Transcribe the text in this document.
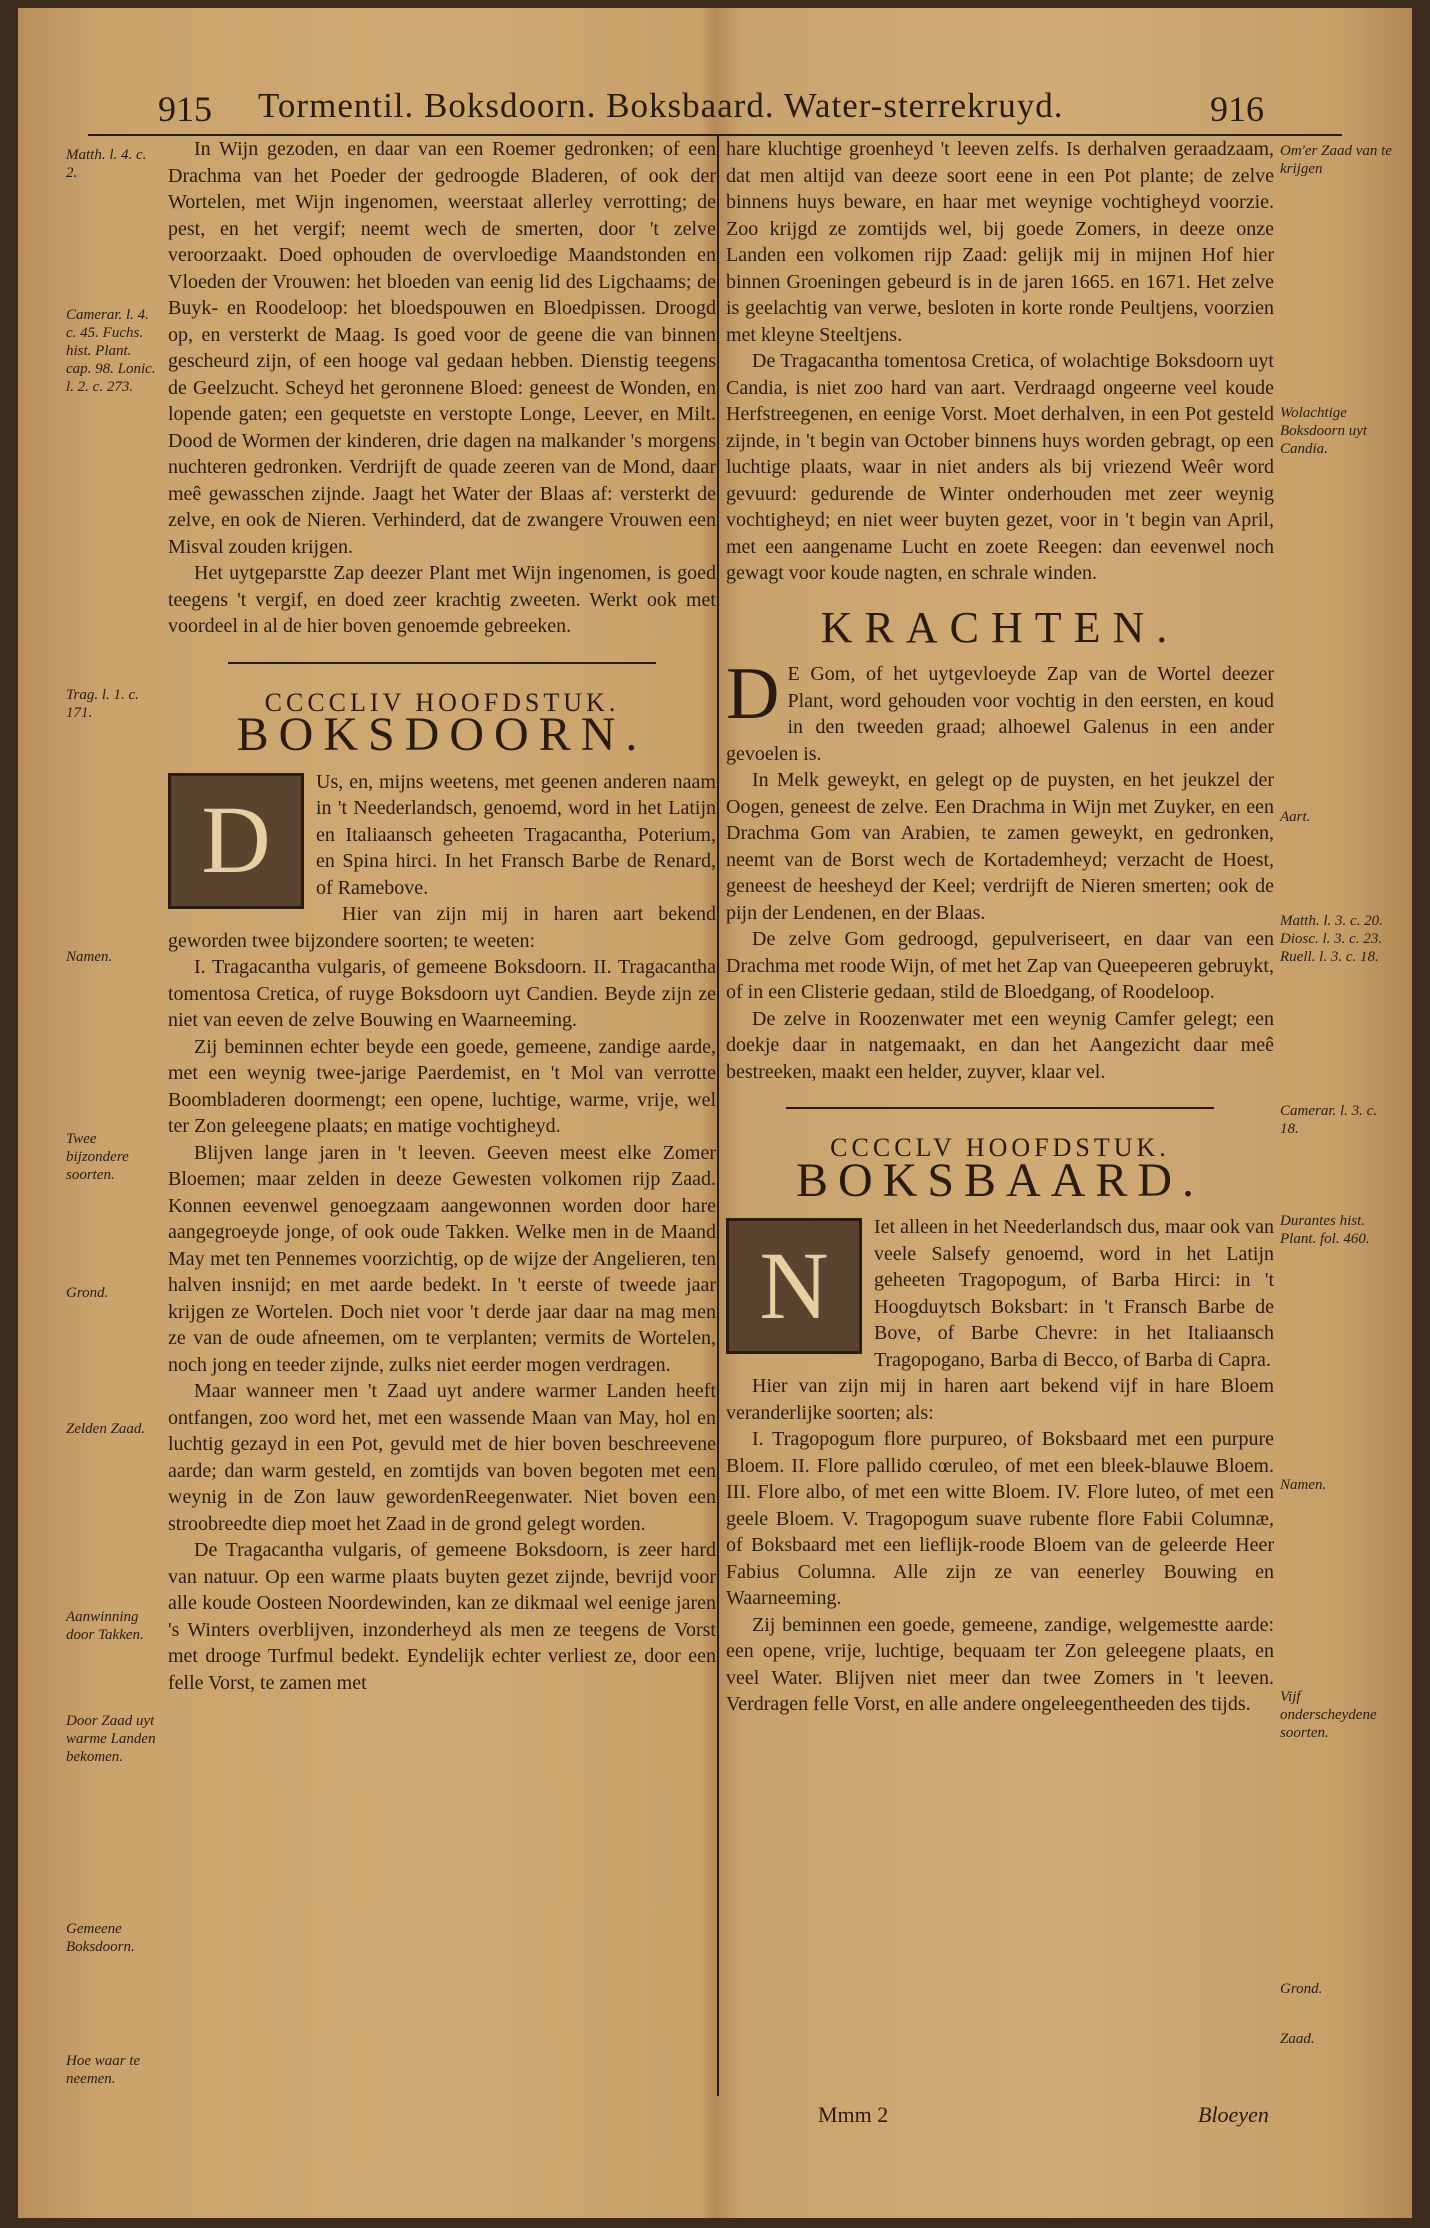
915 Tormentil. Boksdoorn. Boksbaard. Water-sterrekruyd.	916
Matth. l. 4. c. 2.
Camerar. l. 4. c. 45. Fuchs. hist. Plant. cap. 98. Lonic. l. 2. c. 273.
Trag. l. 1. c. 171.
Namen.
Twee bijzondere soorten.
Grond.
Zelden Zaad.
Aanwinning door Takken.
Door Zaad uyt warme Landen bekomen.
Gemeene Boksdoorn.
Hoe waar te neemen.
Om'er Zaad van te krijgen
Wolachtige Boksdoorn uyt Candia.
Aart.
Matth. l. 3. c. 20. Diosc. l. 3. c. 23. Ruell. l. 3. c. 18.
Camerar. l. 3. c. 18.
Durantes hist. Plant. fol. 460.
Namen.
Vijf onderscheydene soorten.
Grond.
Zaad.

In Wijn gezoden, en daar van een Roemer gedronken; of een Drachma van het Poeder der gedroogde Bladeren, of ook der Wortelen, met Wijn ingenomen, weerstaat allerley verrotting; de pest, en het vergif; neemt wech de smerten, door 't zelve veroorzaakt. Doed ophouden de overvloedige Maandstonden en Vloeden der Vrouwen: het bloeden van eenig lid des Ligchaams; de Buyk- en Roodeloop: het bloedspouwen en Bloedpissen. Droogd op, en versterkt de Maag. Is goed voor de geene die van binnen gescheurd zijn, of een hooge val gedaan hebben. Dienstig teegens de Geelzucht. Scheyd het geronnene Bloed: geneest de Wonden, en lopende gaten; een gequetste en verstopte Longe, Leever, en Milt. Dood de Wormen der kinderen, drie dagen na malkander 's morgens nuchteren gedronken. Verdrijft de quade zeeren van de Mond, daar meê gewasschen zijnde. Jaagt het Water der Blaas af: versterkt de zelve, en ook de Nieren. Verhinderd, dat de zwangere Vrouwen een Misval zouden krijgen.

Het uytgeparstte Zap deezer Plant met Wijn ingenomen, is goed teegens 't vergif, en doed zeer krachtig zweeten. Werkt ook met voordeel in al de hier boven genoemde gebreeken.

CCCCLIV HOOFDSTUK.
BOKSDOORN.
D

Us, en, mijns weetens, met geenen anderen naam in 't Neederlandsch, genoemd, word in het Latijn en Italiaansch geheeten Tragacantha, Poterium, en Spina hirci. In het Fransch Barbe de Renard, of Ramebove.

Hier van zijn mij in haren aart bekend geworden twee bijzondere soorten; te weeten:

I. Tragacantha vulgaris, of gemeene Boksdoorn. II. Tragacantha tomentosa Cretica, of ruyge Boksdoorn uyt Candien. Beyde zijn ze niet van eeven de zelve Bouwing en Waarneeming.

Zij beminnen echter beyde een goede, gemeene, zandige aarde, met een weynig twee-jarige Paerdemist, en 't Mol van verrotte Boombladeren doormengt; een opene, luchtige, warme, vrije, wel ter Zon geleegene plaats; en matige vochtigheyd.

Blijven lange jaren in 't leeven. Geeven meest elke Zomer Bloemen; maar zelden in deeze Gewesten volkomen rijp Zaad. Konnen eevenwel genoegzaam aangewonnen worden door hare aangegroeyde jonge, of ook oude Takken. Welke men in de Maand May met ten Pennemes voorzichtig, op de wijze der Angelieren, ten halven insnijd; en met aarde bedekt. In 't eerste of tweede jaar krijgen ze Wortelen. Doch niet voor 't derde jaar daar na mag men ze van de oude afneemen, om te verplanten; vermits de Wortelen, noch jong en teeder zijnde, zulks niet eerder mogen verdragen.

Maar wanneer men 't Zaad uyt andere warmer Landen heeft ontfangen, zoo word het, met een wassende Maan van May, hol en luchtig gezayd in een Pot, gevuld met de hier boven beschreevene aarde; dan warm gesteld, en zomtijds van boven begoten met een weynig in de Zon lauw gewordenReegenwater. Niet boven een stroobreedte diep moet het Zaad in de grond gelegt worden.

De Tragacantha vulgaris, of gemeene Boksdoorn, is zeer hard van natuur. Op een warme plaats buyten gezet zijnde, bevrijd voor alle koude Oosteen Noordewinden, kan ze dikmaal wel eenige jaren 's Winters overblijven, inzonderheyd als men ze teegens de Vorst met drooge Turfmul bedekt. Eyndelijk echter verliest ze, door een felle Vorst, te zamen met

hare kluchtige groenheyd 't leeven zelfs. Is derhalven geraadzaam, dat men altijd van deeze soort eene in een Pot plante; de zelve binnens huys beware, en haar met weynige vochtigheyd voorzie. Zoo krijgd ze zomtijds wel, bij goede Zomers, in deeze onze Landen een volkomen rijp Zaad: gelijk mij in mijnen Hof hier binnen Groeningen gebeurd is in de jaren 1665. en 1671. Het zelve is geelachtig van verwe, besloten in korte ronde Peultjens, voorzien met kleyne Steeltjens.

De Tragacantha tomentosa Cretica, of wolachtige Boksdoorn uyt Candia, is niet zoo hard van aart. Verdraagd ongeerne veel koude Herfstreegenen, en eenige Vorst. Moet derhalven, in een Pot gesteld zijnde, in 't begin van October binnens huys worden gebragt, op een luchtige plaats, waar in niet anders als bij vriezend Weêr word gevuurd: gedurende de Winter onderhouden met zeer weynig vochtigheyd; en niet weer buyten gezet, voor in 't begin van April, met een aangename Lucht en zoete Reegen: dan eevenwel noch gewagt voor koude nagten, en schrale winden.

KRACHTEN.
D E Gom, of het uytgevloeyde Zap van de Wortel deezer Plant, word gehouden voor vochtig in den eersten, en koud in den tweeden graad; alhoewel Galenus in een ander gevoelen is.

In Melk geweykt, en gelegt op de puysten, en het jeukzel der Oogen, geneest de zelve. Een Drachma in Wijn met Zuyker, en een Drachma Gom van Arabien, te zamen geweykt, en gedronken, neemt van de Borst wech de Kortademheyd; verzacht de Hoest, geneest de heesheyd der Keel; verdrijft de Nieren smerten; ook de pijn der Lendenen, en der Blaas.

De zelve Gom gedroogd, gepulveriseert, en daar van een Drachma met roode Wijn, of met het Zap van Queepeeren gebruykt, of in een Clisterie gedaan, stild de Bloedgang, of Roodeloop.

De zelve in Roozenwater met een weynig Camfer gelegt; een doekje daar in natgemaakt, en dan het Aangezicht daar meê bestreeken, maakt een helder, zuyver, klaar vel.

CCCCLV HOOFDSTUK.
BOKSBAARD.
N

Iet alleen in het Neederlandsch dus, maar ook van veele Salsefy genoemd, word in het Latijn geheeten Tragopogum, of Barba Hirci: in 't Hoogduytsch Boksbart: in 't Fransch Barbe de Bove, of Barbe Chevre: in het Italiaansch Tragopogano, Barba di Becco, of Barba di Capra.

Hier van zijn mij in haren aart bekend vijf in hare Bloem veranderlijke soorten; als:

I. Tragopogum flore purpureo, of Boksbaard met een purpure Bloem. II. Flore pallido cœruleo, of met een bleek-blauwe Bloem. III. Flore albo, of met een witte Bloem. IV. Flore luteo, of met een geele Bloem. V. Tragopogum suave rubente flore Fabii Columnæ, of Boksbaard met een lieflijk-roode Bloem van de geleerde Heer Fabius Columna. Alle zijn ze van eenerley Bouwing en Waarneeming.

Zij beminnen een goede, gemeene, zandige, welgemestte aarde: een opene, vrije, luchtige, bequaam ter Zon geleegene plaats, en veel Water. Blijven niet meer dan twee Zomers in 't leeven. Verdragen felle Vorst, en alle andere ongeleegentheeden des tijds.

Mmm 2	Bloeyen
